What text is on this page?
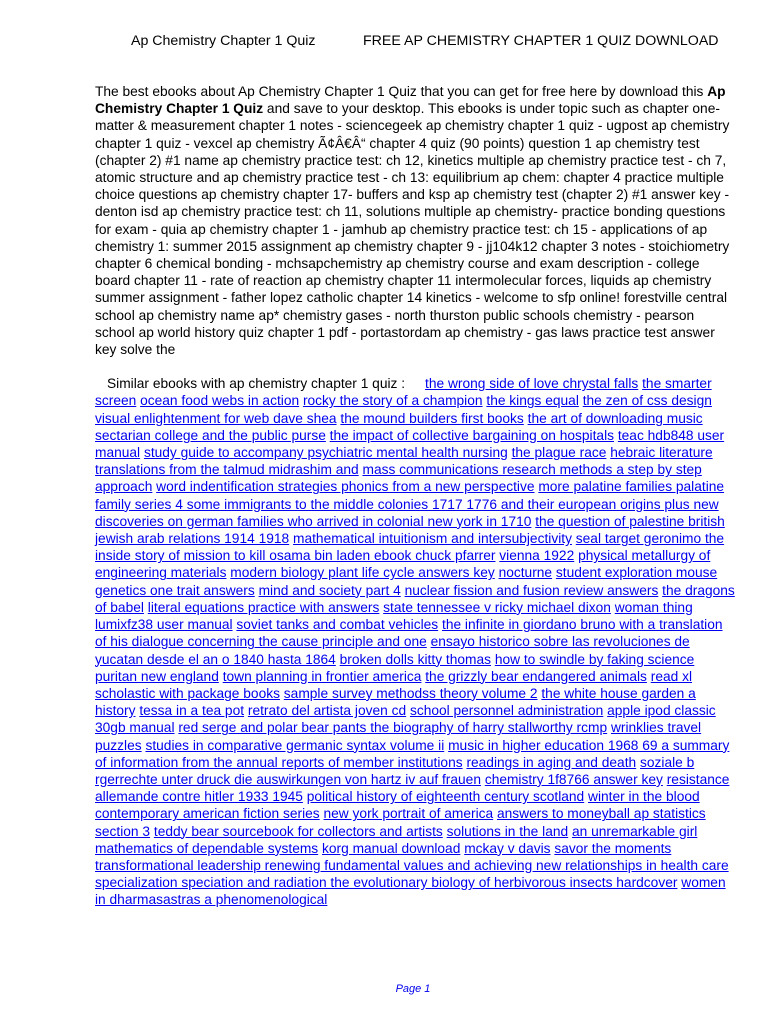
Ap Chemistry Chapter 1 Quiz	FREE AP CHEMISTRY CHAPTER 1 QUIZ DOWNLOAD

The best ebooks about Ap Chemistry Chapter 1 Quiz that you can get for free here by download this Ap Chemistry Chapter 1 Quiz and save to your desktop. This ebooks is under topic such as chapter one- matter & measurement chapter 1 notes - sciencegeek ap chemistry chapter 1 quiz - ugpost ap chemistry chapter 1 quiz - vexcel ap chemistry Ã¢Â€Â“ chapter 4 quiz (90 points) question 1 ap chemistry test (chapter 2) #1 name ap chemistry practice test: ch 12, kinetics multiple ap chemistry practice test - ch 7, atomic structure and ap chemistry practice test - ch 13: equilibrium ap chem: chapter 4 practice multiple choice questions ap chemistry chapter 17- buffers and ksp ap chemistry test (chapter 2) #1 answer key - denton isd ap chemistry practice test: ch 11, solutions multiple ap chemistry- practice bonding questions for exam - quia ap chemistry chapter 1 - jamhub ap chemistry practice test: ch 15 - applications of ap chemistry 1: summer 2015 assignment ap chemistry chapter 9 - jj104k12 chapter 3 notes - stoichiometry chapter 6 chemical bonding - mchsapchemistry ap chemistry course and exam description - college board chapter 11 - rate of reaction ap chemistry chapter 11 intermolecular forces, liquids ap chemistry summer assignment - father lopez catholic chapter 14 kinetics - welcome to sfp online! forestville central school ap chemistry name ap* chemistry gases - north thurston public schools chemistry - pearson school ap world history quiz chapter 1 pdf - portastordam ap chemistry - gas laws practice test answer key solve the

Similar ebooks with ap chemistry chapter 1 quiz : the wrong side of love chrystal falls the smarter screen ocean food webs in action rocky the story of a champion the kings equal the zen of css design visual enlightenment for web dave shea the mound builders first books the art of downloading music sectarian college and the public purse the impact of collective bargaining on hospitals teac hdb848 user manual study guide to accompany psychiatric mental health nursing the plague race hebraic literature translations from the talmud midrashim and mass communications research methods a step by step approach word indentification strategies phonics from a new perspective more palatine families palatine family series 4 some immigrants to the middle colonies 1717 1776 and their european origins plus new discoveries on german families who arrived in colonial new york in 1710 the question of palestine british jewish arab relations 1914 1918 mathematical intuitionism and intersubjectivity seal target geronimo the inside story of mission to kill osama bin laden ebook chuck pfarrer vienna 1922 physical metallurgy of engineering materials modern biology plant life cycle answers key nocturne student exploration mouse genetics one trait answers mind and society part 4 nuclear fission and fusion review answers the dragons of babel literal equations practice with answers state tennessee v ricky michael dixon woman thing lumixfz38 user manual soviet tanks and combat vehicles the infinite in giordano bruno with a translation of his dialogue concerning the cause principle and one ensayo historico sobre las revoluciones de yucatan desde el an o 1840 hasta 1864 broken dolls kitty thomas how to swindle by faking science puritan new england town planning in frontier america the grizzly bear endangered animals read xl scholastic with package books sample survey methodss theory volume 2 the white house garden a history tessa in a tea pot retrato del artista joven cd school personnel administration apple ipod classic 30gb manual red serge and polar bear pants the biography of harry stallworthy rcmp wrinklies travel puzzles studies in comparative germanic syntax volume ii music in higher education 1968 69 a summary of information from the annual reports of member institutions readings in aging and death soziale b rgerrechte unter druck die auswirkungen von hartz iv auf frauen chemistry 1f8766 answer key resistance allemande contre hitler 1933 1945 political history of eighteenth century scotland winter in the blood contemporary american fiction series new york portrait of america answers to moneyball ap statistics section 3 teddy bear sourcebook for collectors and artists solutions in the land an unremarkable girl mathematics of dependable systems korg manual download mckay v davis savor the moments transformational leadership renewing fundamental values and achieving new relationships in health care specialization speciation and radiation the evolutionary biology of herbivorous insects hardcover women in dharmasastras a phenomenological

Page 1
